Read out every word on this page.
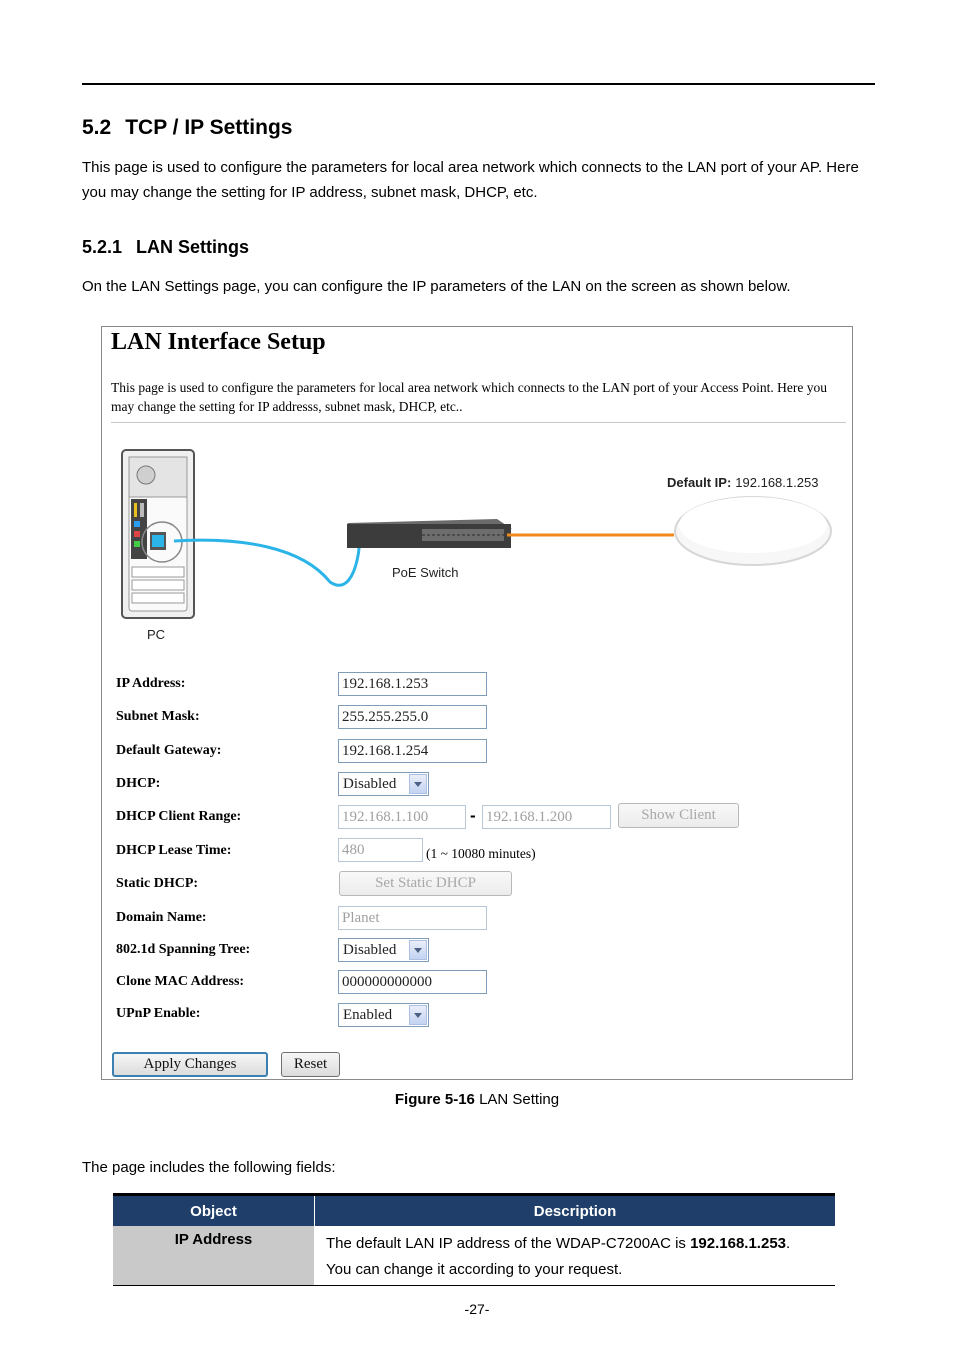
5.2 TCP / IP Settings
This page is used to configure the parameters for local area network which connects to the LAN port of your AP. Here you may change the setting for IP address, subnet mask, DHCP, etc.
5.2.1 LAN Settings
On the LAN Settings page, you can configure the IP parameters of the LAN on the screen as shown below.
LAN Interface Setup
This page is used to configure the parameters for local area network which connects to the LAN port of your Access Point. Here you may change the setting for IP addresss, subnet mask, DHCP, etc..
PC
PoE Switch
Default IP: 192.168.1.253
IP Address:	192.168.1.253
Subnet Mask:	255.255.255.0
Default Gateway:	192.168.1.254
DHCP:	Disabled
DHCP Client Range:	192.168.1.100	- 192.168.1.200	Show Client
DHCP Lease Time:	480	(1 ~ 10080 minutes)
Static DHCP:	Set Static DHCP
Domain Name:	Planet
802.1d Spanning Tree:	Disabled
Clone MAC Address:	000000000000
UPnP Enable:	Enabled
Apply Changes	Reset
Figure 5-16 LAN Setting
The page includes the following fields:
Object	Description
IP Address	The default LAN IP address of the WDAP-C7200AC is 192.168.1.253.
You can change it according to your request.
-27-
